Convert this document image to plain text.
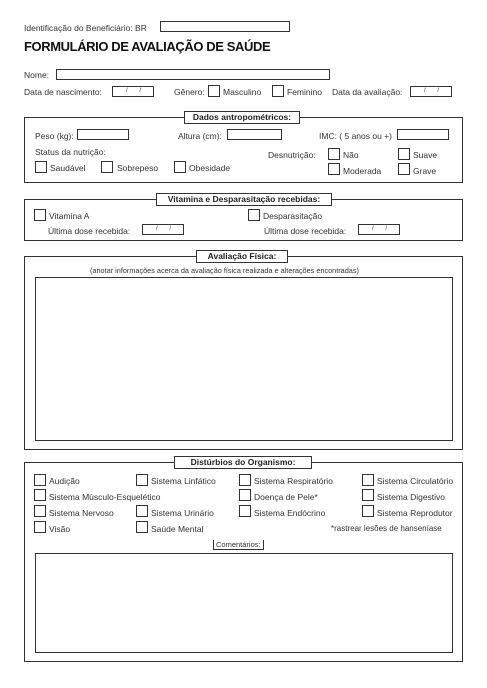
Identificação do Beneficiário: BR
FORMULÁRIO DE AVALIAÇÃO DE SAÚDE
Nome:
Data de nascimento:	/ /	Gênero: Masculino	Feminino Data da avaliação:	/ /
Dados antropométricos:
Peso (kg):	Altura (cm):	IMC: ( 5 anos ou +)
Status da nutrição:
Saudável	Sobrepeso	Obesidade
Desnutrição:	Não	Suave
Moderada	Grave
Vitamina e Desparasitação recebidas:
Vitamina A
Última dose recebida:	/ /
Desparasitação
Última dose recebida:	/ /
Avaliação Física:
(anotar informações acerca da avaliação física realizada e alterações encontradas)
Distúrbios do Organismo:
Audição	Sistema Linfático	Sistema Respiratório	Sistema Circulatório
Sistema Músculo-Esquelético	Doença de Pele*	Sistema Digestivo
Sistema Nervoso	Sistema Urinário	Sistema Endócrino	Sistema Reprodutor
Visão	Saúde Mental	*rastrear lesões de hanseníase
Comentários:
